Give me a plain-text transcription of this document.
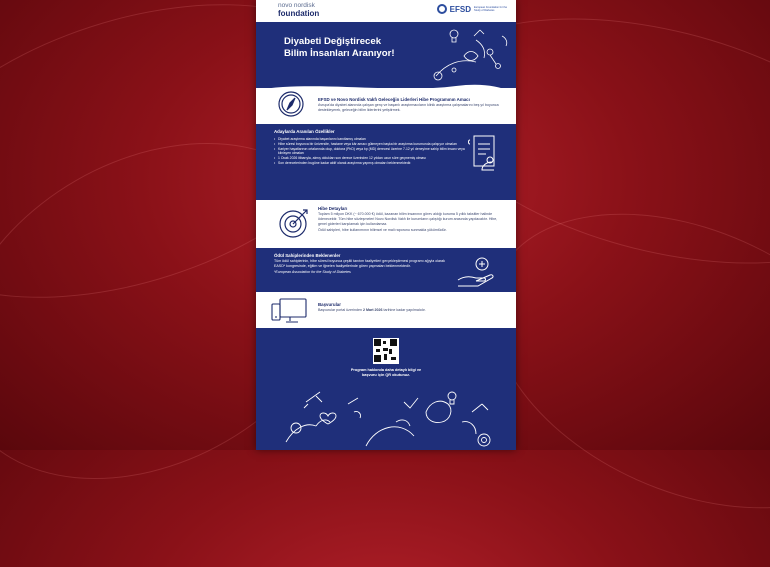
novo nordisk
foundation	EFSD European Foundation for the Study of Diabetes
Diyabeti Değiştirecek
Bilim İnsanları Aranıyor!
EFSD ve Novo Nordisk Vakfı Geleceğin Liderleri Hibe Programının Amacı
Avrupa'da diyabet alanında çalışan genç ve başarılı araştırmacıların klinik araştırma çalışmalarını beş yıl boyunca destekleyerek, geleceğin bilim liderlerini yetiştirmek.
Adaylarda Aranılan Özellikler
• Diyabet araştırma alanında başarılarını kanıtlamış olmaları
• Hibe süresi boyunca bir üniversite, hastane veya kâr amacı gütmeyen başka bir araştırma kurumunda çalışıyor olmaları
• Kariyer hayatlarının ortalarında olup, doktora (PhD) veya tıp (MD) derecesi üzerine 7-12 yıl deneyime sahip bilim insanı veya klinisyen olmaları
• 1 Ocak 2026 itibarıyla, almış oldukları son derece üzerinden 12 yıldan uzun süre geçmemiş olması
• Son derecelerinden bugüne kadar aktif olarak araştırma yapmış olmaları beklenmektedir.
Hibe Detayları
Toplam 5 milyon DKK (~ 670.000 €) ödül, kazanan bilim insanının görev aldığı kuruma 5 yıllık taksitler halinde ödenecektir. Tüm hibe sözleşmeleri Novo Nordisk Vakfı ile kurumların çalıştığı kurum arasında yapılacaktır. Hibe, genel giderleri karşılamak için kullanılamaz.
Ödül sahipleri, hibe kullanımının bilimsel ve mali raporunu sunmakla yükümlüdür.
Ödül Sahiplerinden Beklenenler
Tüm ödül sahiplerinin, hibe süresi boyunca çeşitli tanıtım faaliyetleri gerçekleştirmesi programı ağıyla olarak EASD* kongresinde, eğitim ve iğnelen faaliyetlerinde görev yapmaları beklenmektedir.
*European Association for the Study of Diabetes
Başvurular
Başvurular portal üzerinden 2 Mart 2026 tarihine kadar yapılmalıdır.
Program hakkında daha detaylı bilgi ve
başvuru için QR okutunuz.
